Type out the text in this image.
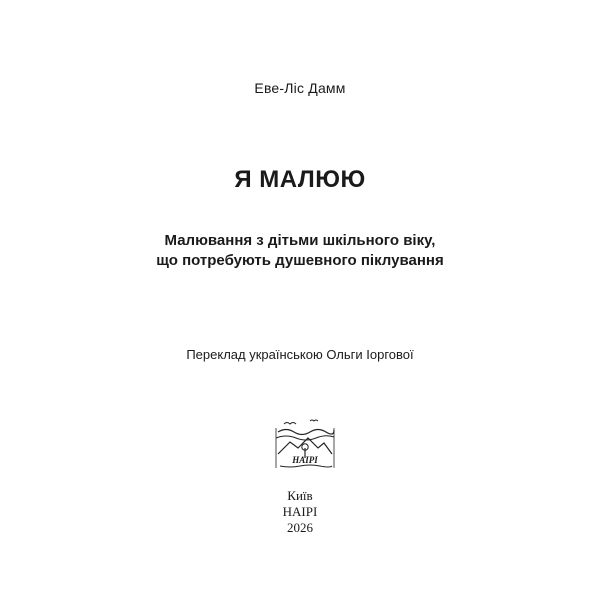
Еве-Ліс Дамм
Я МАЛЮЮ
Малювання з дітьми шкільного віку,
що потребують душевного піклування
Переклад українською Ольги Іоргової
НАІРІ
Київ
НАІРІ
2026
